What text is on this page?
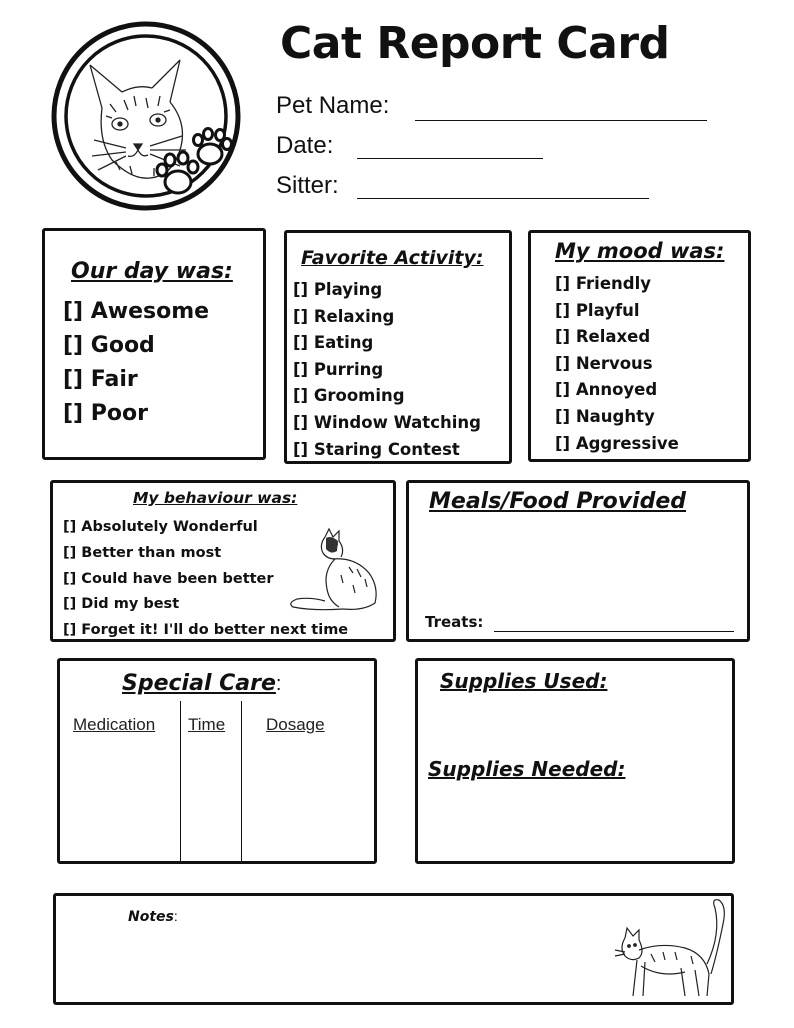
Cat Report Card
Pet Name:
Date:
Sitter:
Our day was:
[] Awesome
[] Good
[] Fair
[] Poor
Favorite Activity:
[] Playing
[] Relaxing
[] Eating
[] Purring
[] Grooming
[] Window Watching
[] Staring Contest
My mood was:
[] Friendly
[] Playful
[] Relaxed
[] Nervous
[] Annoyed
[] Naughty
[] Aggressive
My behaviour was:
[] Absolutely Wonderful
[] Better than most
[] Could have been better
[] Did my best
[] Forget it! I'll do better next time
Meals/Food Provided
Treats:
Special Care:
Medication Time Dosage
Supplies Used:
Supplies Needed:
Notes:
